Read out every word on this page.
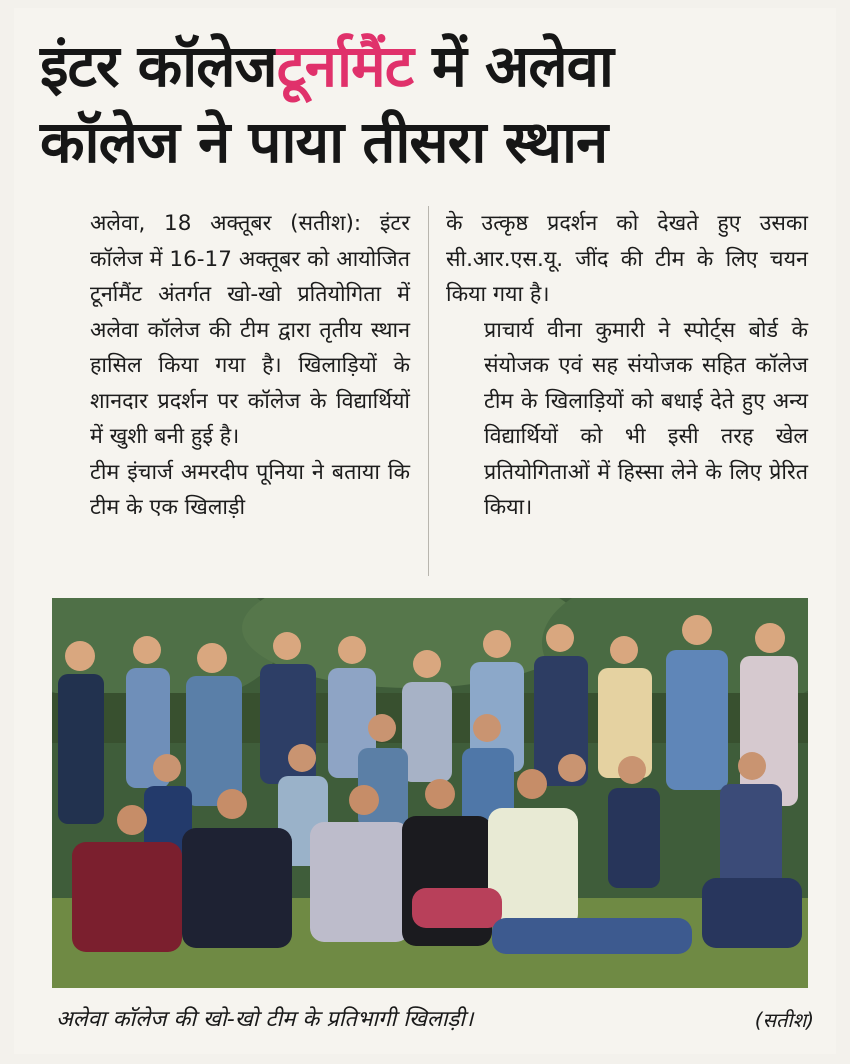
इंटर कॉलेजटूर्नामैंट में अलेवा
कॉलेज ने पाया तीसरा स्थान

अलेवा, 18 अक्तूबर (सतीश): इंटर कॉलेज में 16-17 अक्तूबर को आयोजित टूर्नामैंट अंतर्गत खो-खो प्रतियोगिता में अलेवा कॉलेज की टीम द्वारा तृतीय स्थान हासिल किया गया है। खिलाड़ियों के शानदार प्रदर्शन पर कॉलेज के विद्यार्थियों में खुशी बनी हुई है।

टीम इंचार्ज अमरदीप पूनिया ने बताया कि टीम के एक खिलाड़ी

के उत्कृष्ठ प्रदर्शन को देखते हुए उसका सी.आर.एस.यू. जींद की टीम के लिए चयन किया गया है।

प्राचार्य वीना कुमारी ने स्पोर्ट्स बोर्ड के संयोजक एवं सह संयोजक सहित कॉलेज टीम के खिलाड़ियों को बधाई देते हुए अन्य विद्यार्थियों को भी इसी तरह खेल प्रतियोगिताओं में हिस्सा लेने के लिए प्रेरित किया।

अलेवा कॉलेज की खो-खो टीम के प्रतिभागी खिलाड़ी।	(सतीश)
